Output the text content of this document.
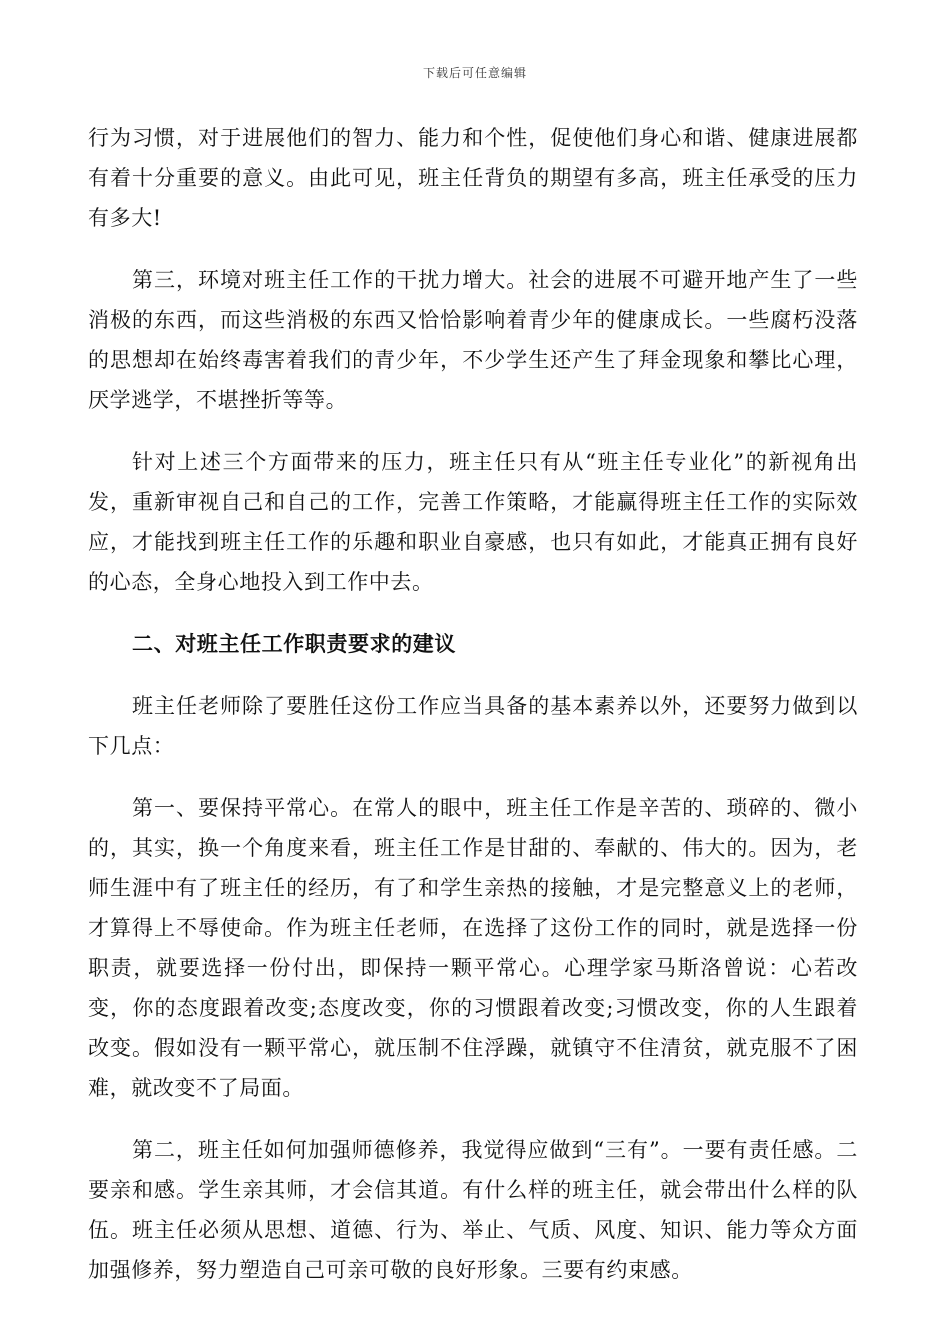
下载后可任意编辑

行为习惯，对于进展他们的智力、能力和个性，促使他们身心和谐、健康进展都有着十分重要的意义。由此可见，班主任背负的期望有多高，班主任承受的压力有多大!

第三，环境对班主任工作的干扰力增大。社会的进展不可避开地产生了一些消极的东西，而这些消极的东西又恰恰影响着青少年的健康成长。一些腐朽没落的思想却在始终毒害着我们的青少年，不少学生还产生了拜金现象和攀比心理，厌学逃学，不堪挫折等等。

针对上述三个方面带来的压力，班主任只有从“班主任专业化”的新视角出发，重新审视自己和自己的工作，完善工作策略，才能赢得班主任工作的实际效应，才能找到班主任工作的乐趣和职业自豪感，也只有如此，才能真正拥有良好的心态，全身心地投入到工作中去。

二、对班主任工作职责要求的建议

班主任老师除了要胜任这份工作应当具备的基本素养以外，还要努力做到以下几点：

第一、要保持平常心。在常人的眼中，班主任工作是辛苦的、琐碎的、微小的，其实，换一个角度来看，班主任工作是甘甜的、奉献的、伟大的。因为，老师生涯中有了班主任的经历，有了和学生亲热的接触，才是完整意义上的老师，才算得上不辱使命。作为班主任老师，在选择了这份工作的同时，就是选择一份职责，就要选择一份付出，即保持一颗平常心。心理学家马斯洛曾说：心若改变，你的态度跟着改变;态度改变，你的习惯跟着改变;习惯改变，你的人生跟着改变。假如没有一颗平常心，就压制不住浮躁，就镇守不住清贫，就克服不了困难，就改变不了局面。

第二，班主任如何加强师德修养，我觉得应做到“三有”。一要有责任感。二要亲和感。学生亲其师，才会信其道。有什么样的班主任，就会带出什么样的队伍。班主任必须从思想、道德、行为、举止、气质、风度、知识、能力等众方面加强修养，努力塑造自己可亲可敬的良好形象。三要有约束感。
